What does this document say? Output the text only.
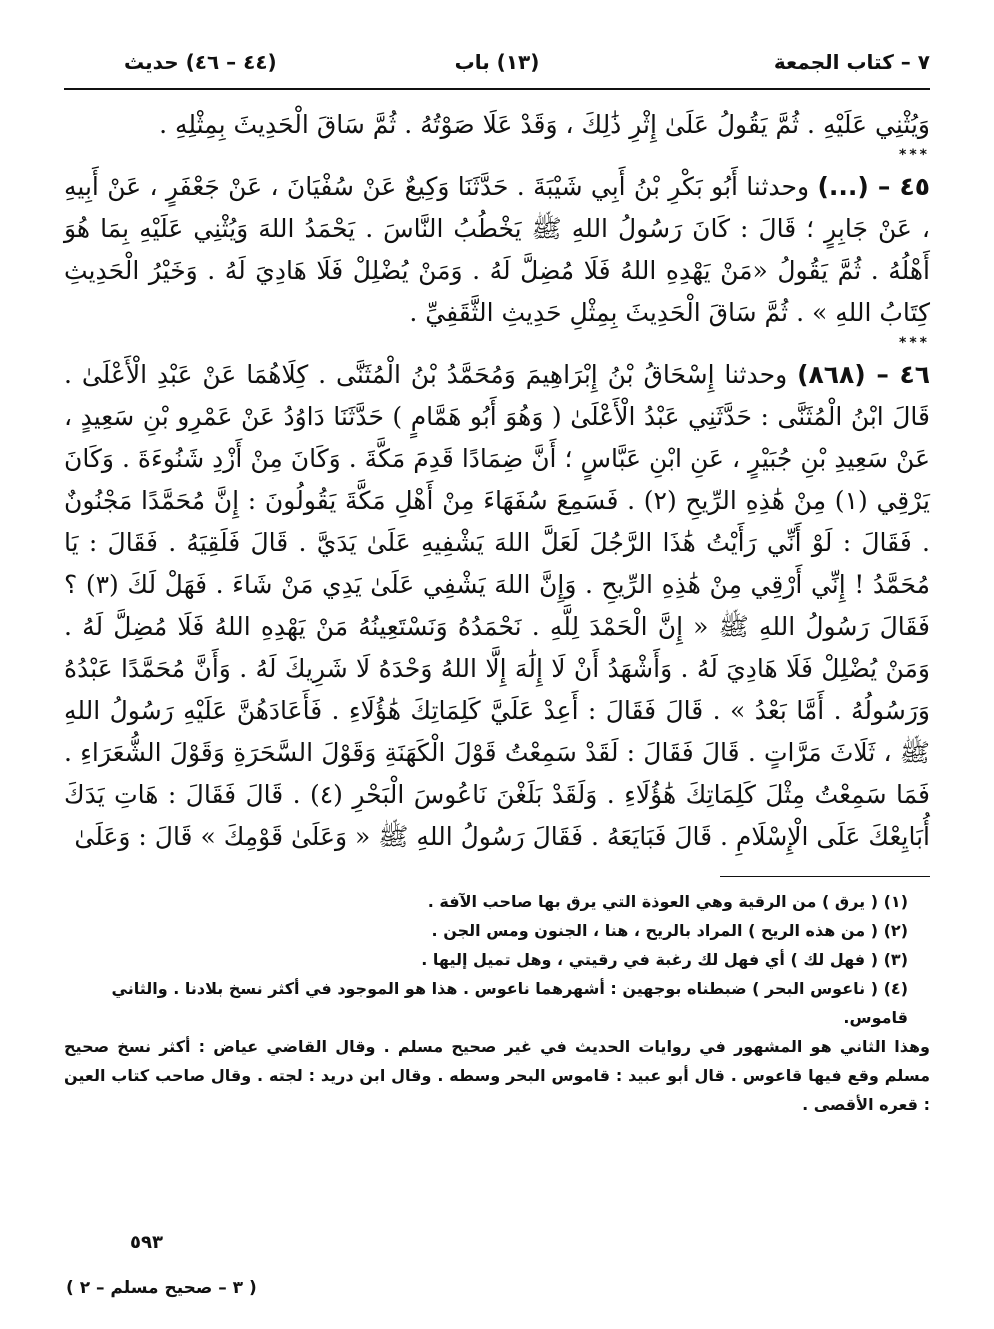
٧ – كتاب الجمعة
(١٣) باب
(٤٤ – ٤٦) حديث

وَيُثْنِي عَلَيْهِ . ثُمَّ يَقُولُ عَلَىٰ إِثْرِ ذَٰلِكَ ، وَقَدْ عَلَا صَوْتُهُ . ثُمَّ سَاقَ الْحَدِيثَ بِمِثْلِهِ .

***

٤٥ – (...) وحدثنا أَبُو بَكْرِ بْنُ أَبِي شَيْبَةَ . حَدَّثَنَا وَكِيعٌ عَنْ سُفْيَانَ ، عَنْ جَعْفَرٍ ، عَنْ أَبِيهِ ، عَنْ جَابِرٍ ؛ قَالَ : كَانَ رَسُولُ اللهِ ﷺ يَخْطُبُ النَّاسَ . يَحْمَدُ اللهَ وَيُثْنِي عَلَيْهِ بِمَا هُوَ أَهْلُهُ . ثُمَّ يَقُولُ «مَنْ يَهْدِهِ اللهُ فَلَا مُضِلَّ لَهُ . وَمَنْ يُضْلِلْ فَلَا هَادِيَ لَهُ . وَخَيْرُ الْحَدِيثِ كِتَابُ اللهِ » . ثُمَّ سَاقَ الْحَدِيثَ بِمِثْلِ حَدِيثِ الثَّقَفِيِّ .

***

٤٦ – (٨٦٨) وحدثنا إِسْحَاقُ بْنُ إِبْرَاهِيمَ وَمُحَمَّدُ بْنُ الْمُثَنَّى . كِلَاهُمَا عَنْ عَبْدِ الْأَعْلَىٰ . قَالَ ابْنُ الْمُثَنَّى : حَدَّثَنِي عَبْدُ الْأَعْلَىٰ ( وَهُوَ أَبُو هَمَّامٍ ) حَدَّثَنَا دَاوُدُ عَنْ عَمْرِو بْنِ سَعِيدٍ ، عَنْ سَعِيدِ بْنِ جُبَيْرٍ ، عَنِ ابْنِ عَبَّاسٍ ؛ أَنَّ ضِمَادًا قَدِمَ مَكَّةَ . وَكَانَ مِنْ أَزْدِ شَنُوءَةَ . وَكَانَ يَرْقِي (١) مِنْ هَٰذِهِ الرِّيحِ (٢) . فَسَمِعَ سُفَهَاءَ مِنْ أَهْلِ مَكَّةَ يَقُولُونَ : إِنَّ مُحَمَّدًا مَجْنُونٌ . فَقَالَ : لَوْ أَنِّي رَأَيْتُ هَٰذَا الرَّجُلَ لَعَلَّ اللهَ يَشْفِيهِ عَلَىٰ يَدَيَّ . قَالَ فَلَقِيَهُ . فَقَالَ : يَا مُحَمَّدُ ! إِنِّي أَرْقِي مِنْ هَٰذِهِ الرِّيحِ . وَإِنَّ اللهَ يَشْفِي عَلَىٰ يَدِي مَنْ شَاءَ . فَهَلْ لَكَ (٣) ؟ فَقَالَ رَسُولُ اللهِ ﷺ « إِنَّ الْحَمْدَ لِلَّهِ . نَحْمَدُهُ وَنَسْتَعِينُهُ مَنْ يَهْدِهِ اللهُ فَلَا مُضِلَّ لَهُ . وَمَنْ يُضْلِلْ فَلَا هَادِيَ لَهُ . وَأَشْهَدُ أَنْ لَا إِلَٰهَ إِلَّا اللهُ وَحْدَهُ لَا شَرِيكَ لَهُ . وَأَنَّ مُحَمَّدًا عَبْدُهُ وَرَسُولُهُ . أَمَّا بَعْدُ » . قَالَ فَقَالَ : أَعِدْ عَلَيَّ كَلِمَاتِكَ هَٰؤُلَاءِ . فَأَعَادَهُنَّ عَلَيْهِ رَسُولُ اللهِ ﷺ ، ثَلَاثَ مَرَّاتٍ . قَالَ فَقَالَ : لَقَدْ سَمِعْتُ قَوْلَ الْكَهَنَةِ وَقَوْلَ السَّحَرَةِ وَقَوْلَ الشُّعَرَاءِ . فَمَا سَمِعْتُ مِثْلَ كَلِمَاتِكَ هَٰؤُلَاءِ . وَلَقَدْ بَلَغْنَ نَاعُوسَ الْبَحْرِ (٤) . قَالَ فَقَالَ : هَاتِ يَدَكَ أُبَايِعْكَ عَلَى الْإِسْلَامِ . قَالَ فَبَايَعَهُ . فَقَالَ رَسُولُ اللهِ ﷺ « وَعَلَىٰ قَوْمِكَ » قَالَ : وَعَلَىٰ

(١) ( يرق ) من الرقية وهي العوذة التي يرق بها صاحب الآفة .

(٢) ( من هذه الريح ) المراد بالريح ، هنا ، الجنون ومس الجن .

(٣) ( فهل لك ) أي فهل لك رغبة في رقيتي ، وهل تميل إليها .

(٤) ( ناعوس البحر ) ضبطناه بوجهين : أشهرهما ناعوس . هذا هو الموجود في أكثر نسخ بلادنا . والثاني قاموس.

وهذا الثاني هو المشهور في روايات الحديث في غير صحيح مسلم . وقال القاضي عياض : أكثر نسخ صحيح مسلم وقع فيها قاعوس . قال أبو عبيد : قاموس البحر وسطه . وقال ابن دريد : لجته . وقال صاحب كتاب العين : قعره الأقصى .

٥٩٣
( ٣ – صحيح مسلم – ٢ )
